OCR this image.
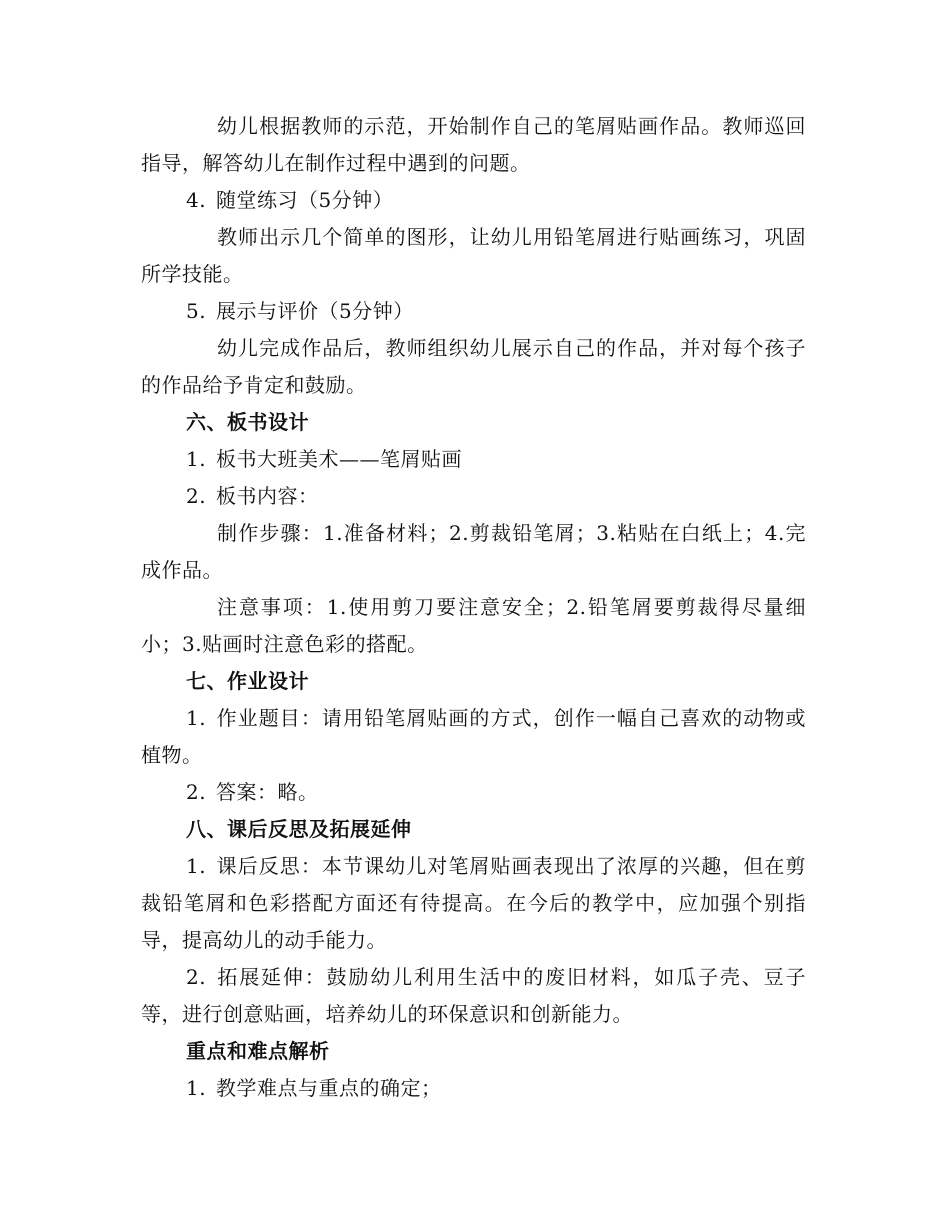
幼儿根据教师的示范，开始制作自己的笔屑贴画作品。教师巡回指导，解答幼儿在制作过程中遇到的问题。

4. 随堂练习（5分钟）

教师出示几个简单的图形，让幼儿用铅笔屑进行贴画练习，巩固所学技能。

5. 展示与评价（5分钟）

幼儿完成作品后，教师组织幼儿展示自己的作品，并对每个孩子的作品给予肯定和鼓励。

六、板书设计

1. 板书大班美术——笔屑贴画

2. 板书内容：

制作步骤：1.准备材料；2.剪裁铅笔屑；3.粘贴在白纸上；4.完成作品。

注意事项：1.使用剪刀要注意安全；2.铅笔屑要剪裁得尽量细小；3.贴画时注意色彩的搭配。

七、作业设计

1. 作业题目：请用铅笔屑贴画的方式，创作一幅自己喜欢的动物或植物。

2. 答案：略。

八、课后反思及拓展延伸

1. 课后反思：本节课幼儿对笔屑贴画表现出了浓厚的兴趣，但在剪裁铅笔屑和色彩搭配方面还有待提高。在今后的教学中，应加强个别指导，提高幼儿的动手能力。

2. 拓展延伸：鼓励幼儿利用生活中的废旧材料，如瓜子壳、豆子等，进行创意贴画，培养幼儿的环保意识和创新能力。

重点和难点解析

1. 教学难点与重点的确定；
